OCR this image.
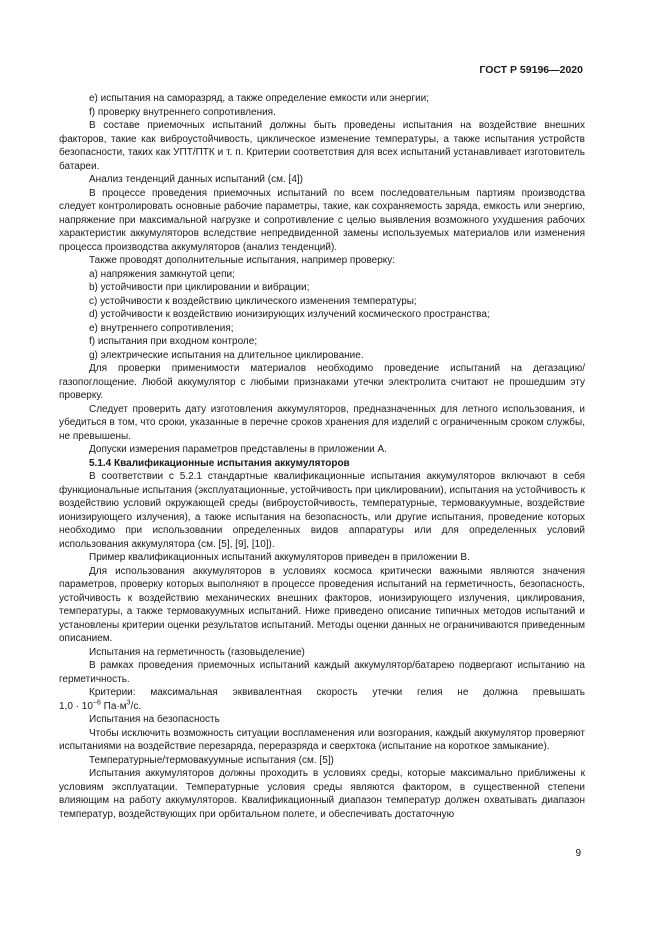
ГОСТ Р 59196—2020

e) испытания на саморазряд, а также определение емкости или энергии;

f) проверку внутреннего сопротивления.

В составе приемочных испытаний должны быть проведены испытания на воздействие внешних факторов, такие как виброустойчивость, циклическое изменение температуры, а также испытания устройств безопасности, таких как УПТ/ПТК и т. п. Критерии соответствия для всех испытаний устанавливает изготовитель батареи.

Анализ тенденций данных испытаний (см. [4])

В процессе проведения приемочных испытаний по всем последовательным партиям производства следует контролировать основные рабочие параметры, такие, как сохраняемость заряда, емкость или энергию, напряжение при максимальной нагрузке и сопротивление с целью выявления возможного ухудшения рабочих характеристик аккумуляторов вследствие непредвиденной замены используемых материалов или изменения процесса производства аккумуляторов (анализ тенденций).

Также проводят дополнительные испытания, например проверку:

a) напряжения замкнутой цепи;

b) устойчивости при циклировании и вибрации;

c) устойчивости к воздействию циклического изменения температуры;

d) устойчивости к воздействию ионизирующих излучений космического пространства;

e) внутреннего сопротивления;

f) испытания при входном контроле;

g) электрические испытания на длительное циклирование.

Для проверки применимости материалов необходимо проведение испытаний на дегазацию/газопоглощение. Любой аккумулятор с любыми признаками утечки электролита считают не прошедшим эту проверку.

Следует проверить дату изготовления аккумуляторов, предназначенных для летного использования, и убедиться в том, что сроки, указанные в перечне сроков хранения для изделий с ограниченным сроком службы, не превышены.

Допуски измерения параметров представлены в приложении А.

5.1.4 Квалификационные испытания аккумуляторов

В соответствии с 5.2.1 стандартные квалификационные испытания аккумуляторов включают в себя функциональные испытания (эксплуатационные, устойчивость при циклировании), испытания на устойчивость к воздействию условий окружающей среды (виброустойчивость, температурные, термовакуумные, воздействие ионизирующего излучения), а также испытания на безопасность, или другие испытания, проведение которых необходимо при использовании определенных видов аппаратуры или для определенных условий использования аккумулятора (см. [5], [9], [10]).

Пример квалификационных испытаний аккумуляторов приведен в приложении В.

Для использования аккумуляторов в условиях космоса критически важными являются значения параметров, проверку которых выполняют в процессе проведения испытаний на герметичность, безопасность, устойчивость к воздействию механических внешних факторов, ионизирующего излучения, циклирования, температуры, а также термовакуумных испытаний. Ниже приведено описание типичных методов испытаний и установлены критерии оценки результатов испытаний. Методы оценки данных не ограничиваются приведенным описанием.

Испытания на герметичность (газовыделение)

В рамках проведения приемочных испытаний каждый аккумулятор/батарею подвергают испытанию на герметичность.

Критерии: максимальная эквивалентная скорость утечки гелия не должна превышать

$1,0 \cdot 10^{-6}$ $Па\cdot м^3/с$.

Испытания на безопасность

Чтобы исключить возможность ситуации воспламенения или возгорания, каждый аккумулятор проверяют испытаниями на воздействие перезаряда, переразряда и сверхтока (испытание на короткое замыкание).

Температурные/термовакуумные испытания (см. [5])

Испытания аккумуляторов должны проходить в условиях среды, которые максимально приближены к условиям эксплуатации. Температурные условия среды являются фактором, в существенной степени влияющим на работу аккумуляторов. Квалификационный диапазон температур должен охватывать диапазон температур, воздействующих при орбитальном полете, и обеспечивать достаточную

9
